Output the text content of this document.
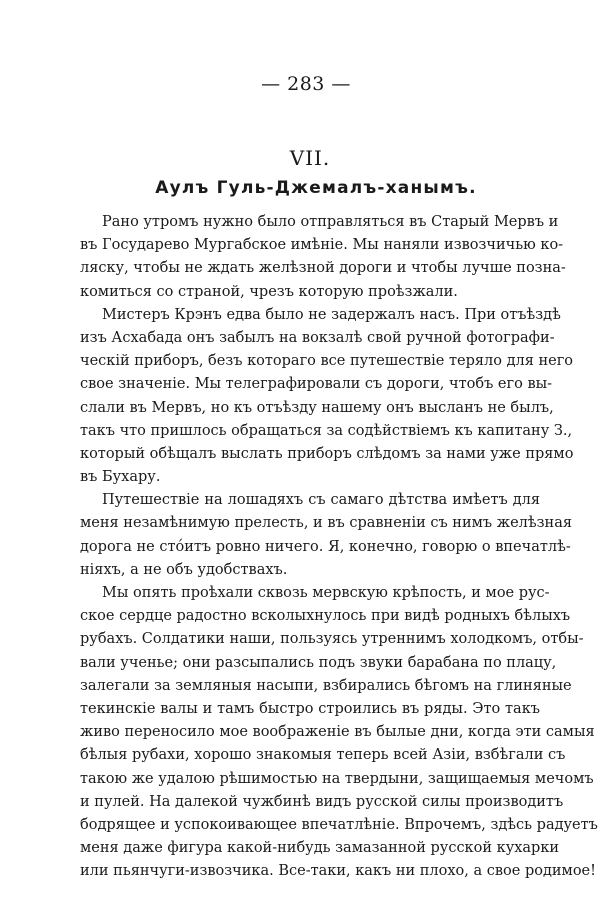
— 283 —
VII.
Аулъ Гуль-Джемалъ-ханымъ.
Рано утромъ нужно было отправляться въ Старый Мервъ и
въ Государево Мургабское имѣніе. Мы наняли извозчичью ко-
ляску, чтобы не ждать желѣзной дороги и чтобы лучше позна-
комиться со страной, чрезъ которую проѣзжали.
Мистеръ Крэнъ едва было не задержалъ насъ. При отъѣздѣ
изъ Асхабада онъ забылъ на вокзалѣ свой ручной фотографи-
ческій приборъ, безъ котораго все путешествіе теряло для него
свое значеніе. Мы телеграфировали съ дороги, чтобъ его вы-
слали въ Мервъ, но къ отъѣзду нашему онъ высланъ не былъ,
такъ что пришлось обращаться за содѣйствіемъ къ капитану З.,
который обѣщалъ выслать приборъ слѣдомъ за нами уже прямо
въ Бухару.
Путешествіе на лошадяхъ съ самаго дѣтства имѣетъ для
меня незамѣнимую прелесть, и въ сравненіи съ нимъ желѣзная
дорога не стóитъ ровно ничего. Я, конечно, говорю о впечатлѣ-
ніяхъ, а не объ удобствахъ.
Мы опять проѣхали сквозь мервскую крѣпость, и мое рус-
ское сердце радостно всколыхнулось при видѣ родныхъ бѣлыхъ
рубахъ. Солдатики наши, пользуясь утреннимъ холодкомъ, отбы-
вали ученье; они разсыпались подъ звуки барабана по плацу,
залегали за земляныя насыпи, взбирались бѣгомъ на глиняные
текинскіе валы и тамъ быстро строились въ ряды. Это такъ
живо переносило мое воображеніе въ былые дни, когда эти самыя
бѣлыя рубахи, хорошо знакомыя теперь всей Азіи, взбѣгали съ
такою же удалою рѣшимостью на твердыни, защищаемыя мечомъ
и пулей. На далекой чужбинѣ видъ русской силы производитъ
бодрящее и успокоивающее впечатлѣніе. Впрочемъ, здѣсь радуетъ
меня даже фигура какой-нибудь замазанной русской кухарки
или пьянчуги-извозчика. Все-таки, какъ ни плохо, а свое родимое!
